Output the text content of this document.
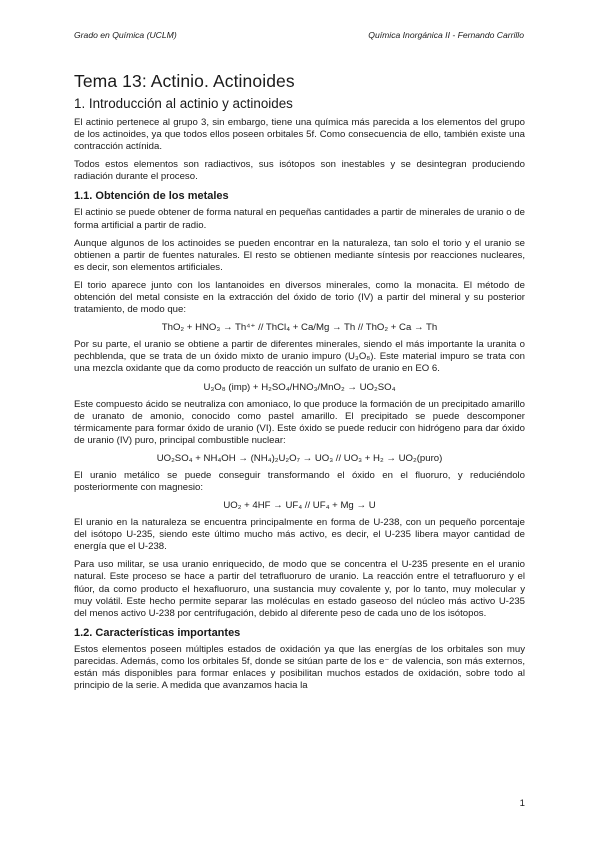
Grado en Química (UCLM)	Química Inorgánica II - Fernando Carrillo
Tema 13: Actinio. Actinoides
1. Introducción al actinio y actinoides

El actinio pertenece al grupo 3, sin embargo, tiene una química más parecida a los elementos del grupo de los actinoides, ya que todos ellos poseen orbitales 5f. Como consecuencia de ello, también existe una contracción actínida.

Todos estos elementos son radiactivos, sus isótopos son inestables y se desintegran produciendo radiación durante el proceso.

1.1. Obtención de los metales

El actinio se puede obtener de forma natural en pequeñas cantidades a partir de minerales de uranio o de forma artificial a partir de radio.

Aunque algunos de los actinoides se pueden encontrar en la naturaleza, tan solo el torio y el uranio se obtienen a partir de fuentes naturales. El resto se obtienen mediante síntesis por reacciones nucleares, es decir, son elementos artificiales.

El torio aparece junto con los lantanoides en diversos minerales, como la monacita. El método de obtención del metal consiste en la extracción del óxido de torio (IV) a partir del mineral y su posterior tratamiento, de modo que:

ThO₂ + HNO₃ → Th⁴⁺ // ThCl₄ + Ca/Mg → Th // ThO₂ + Ca → Th

Por su parte, el uranio se obtiene a partir de diferentes minerales, siendo el más importante la uranita o pechblenda, que se trata de un óxido mixto de uranio impuro (U₃O₈). Este material impuro se trata con una mezcla oxidante que da como producto de reacción un sulfato de uranio en EO 6.

U₃O₈ (imp) + H₂SO₄/HNO₃/MnO₂ → UO₂SO₄

Este compuesto ácido se neutraliza con amoniaco, lo que produce la formación de un precipitado amarillo de uranato de amonio, conocido como pastel amarillo. El precipitado se puede descomponer térmicamente para formar óxido de uranio (VI). Este óxido se puede reducir con hidrógeno para dar óxido de uranio (IV) puro, principal combustible nuclear:

UO₂SO₄ + NH₄OH → (NH₄)₂U₂O₇ → UO₃ // UO₃ + H₂ → UO₂(puro)

El uranio metálico se puede conseguir transformando el óxido en el fluoruro, y reduciéndolo posteriormente con magnesio:

UO₂ + 4HF → UF₄ // UF₄ + Mg → U

El uranio en la naturaleza se encuentra principalmente en forma de U-238, con un pequeño porcentaje del isótopo U-235, siendo este último mucho más activo, es decir, el U-235 libera mayor cantidad de energía que el U-238.

Para uso militar, se usa uranio enriquecido, de modo que se concentra el U-235 presente en el uranio natural. Este proceso se hace a partir del tetrafluoruro de uranio. La reacción entre el tetrafluoruro y el flúor, da como producto el hexafluoruro, una sustancia muy covalente y, por lo tanto, muy molecular y muy volátil. Este hecho permite separar las moléculas en estado gaseoso del núcleo más activo U-235 del menos activo U-238 por centrifugación, debido al diferente peso de cada uno de los isótopos.

1.2. Características importantes

Estos elementos poseen múltiples estados de oxidación ya que las energías de los orbitales son muy parecidas. Además, como los orbitales 5f, donde se sitúan parte de los e⁻ de valencia, son más externos, están más disponibles para formar enlaces y posibilitan muchos estados de oxidación, sobre todo al principio de la serie. A medida que avanzamos hacia la

1
